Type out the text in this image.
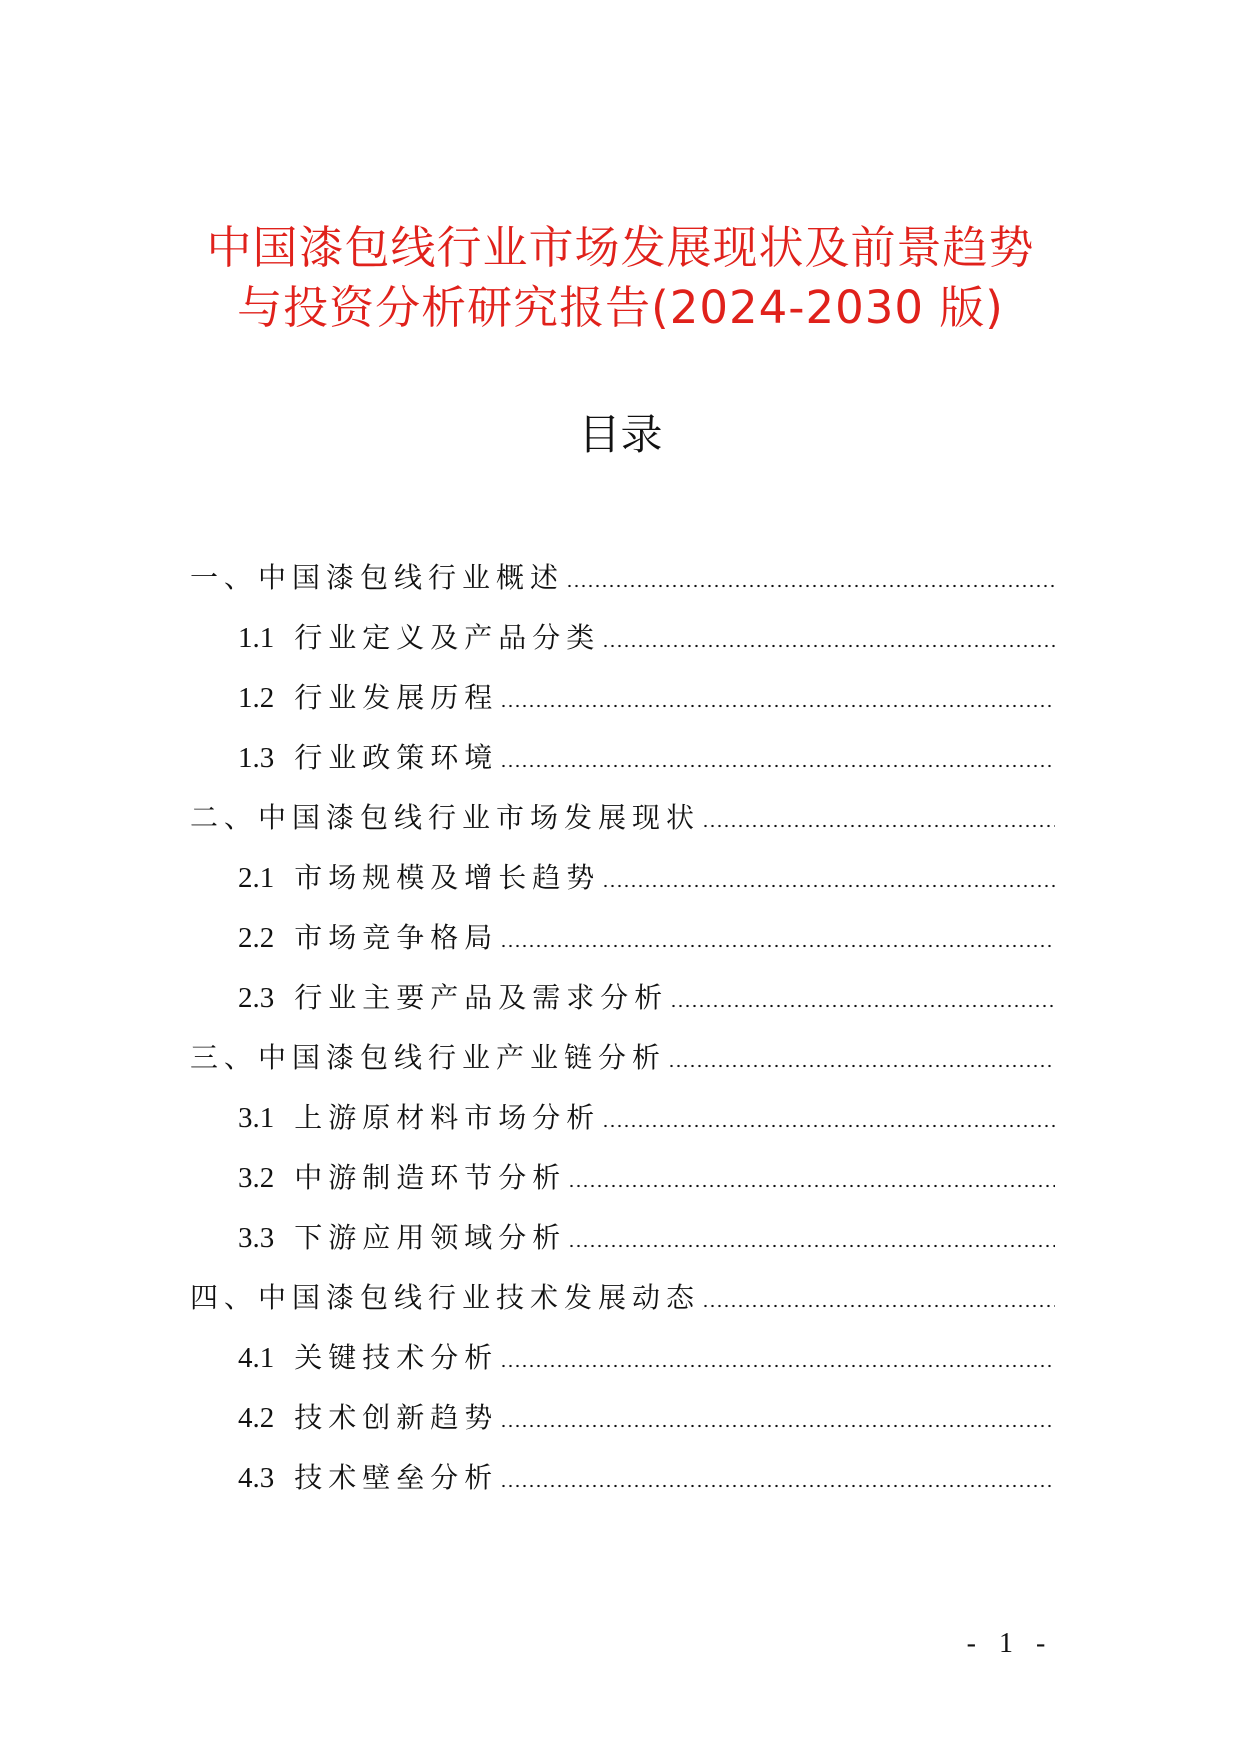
中国漆包线行业市场发展现状及前景趋势
与投资分析研究报告(2024-2030 版)
目录
一、中国漆包线行业概述
1.1 行业定义及产品分类
1.2 行业发展历程
1.3 行业政策环境
二、中国漆包线行业市场发展现状
2.1 市场规模及增长趋势
2.2 市场竞争格局
2.3 行业主要产品及需求分析
三、中国漆包线行业产业链分析
3.1 上游原材料市场分析
3.2 中游制造环节分析
3.3 下游应用领域分析
四、中国漆包线行业技术发展动态
4.1 关键技术分析
4.2 技术创新趋势
4.3 技术壁垒分析
- 1 -
